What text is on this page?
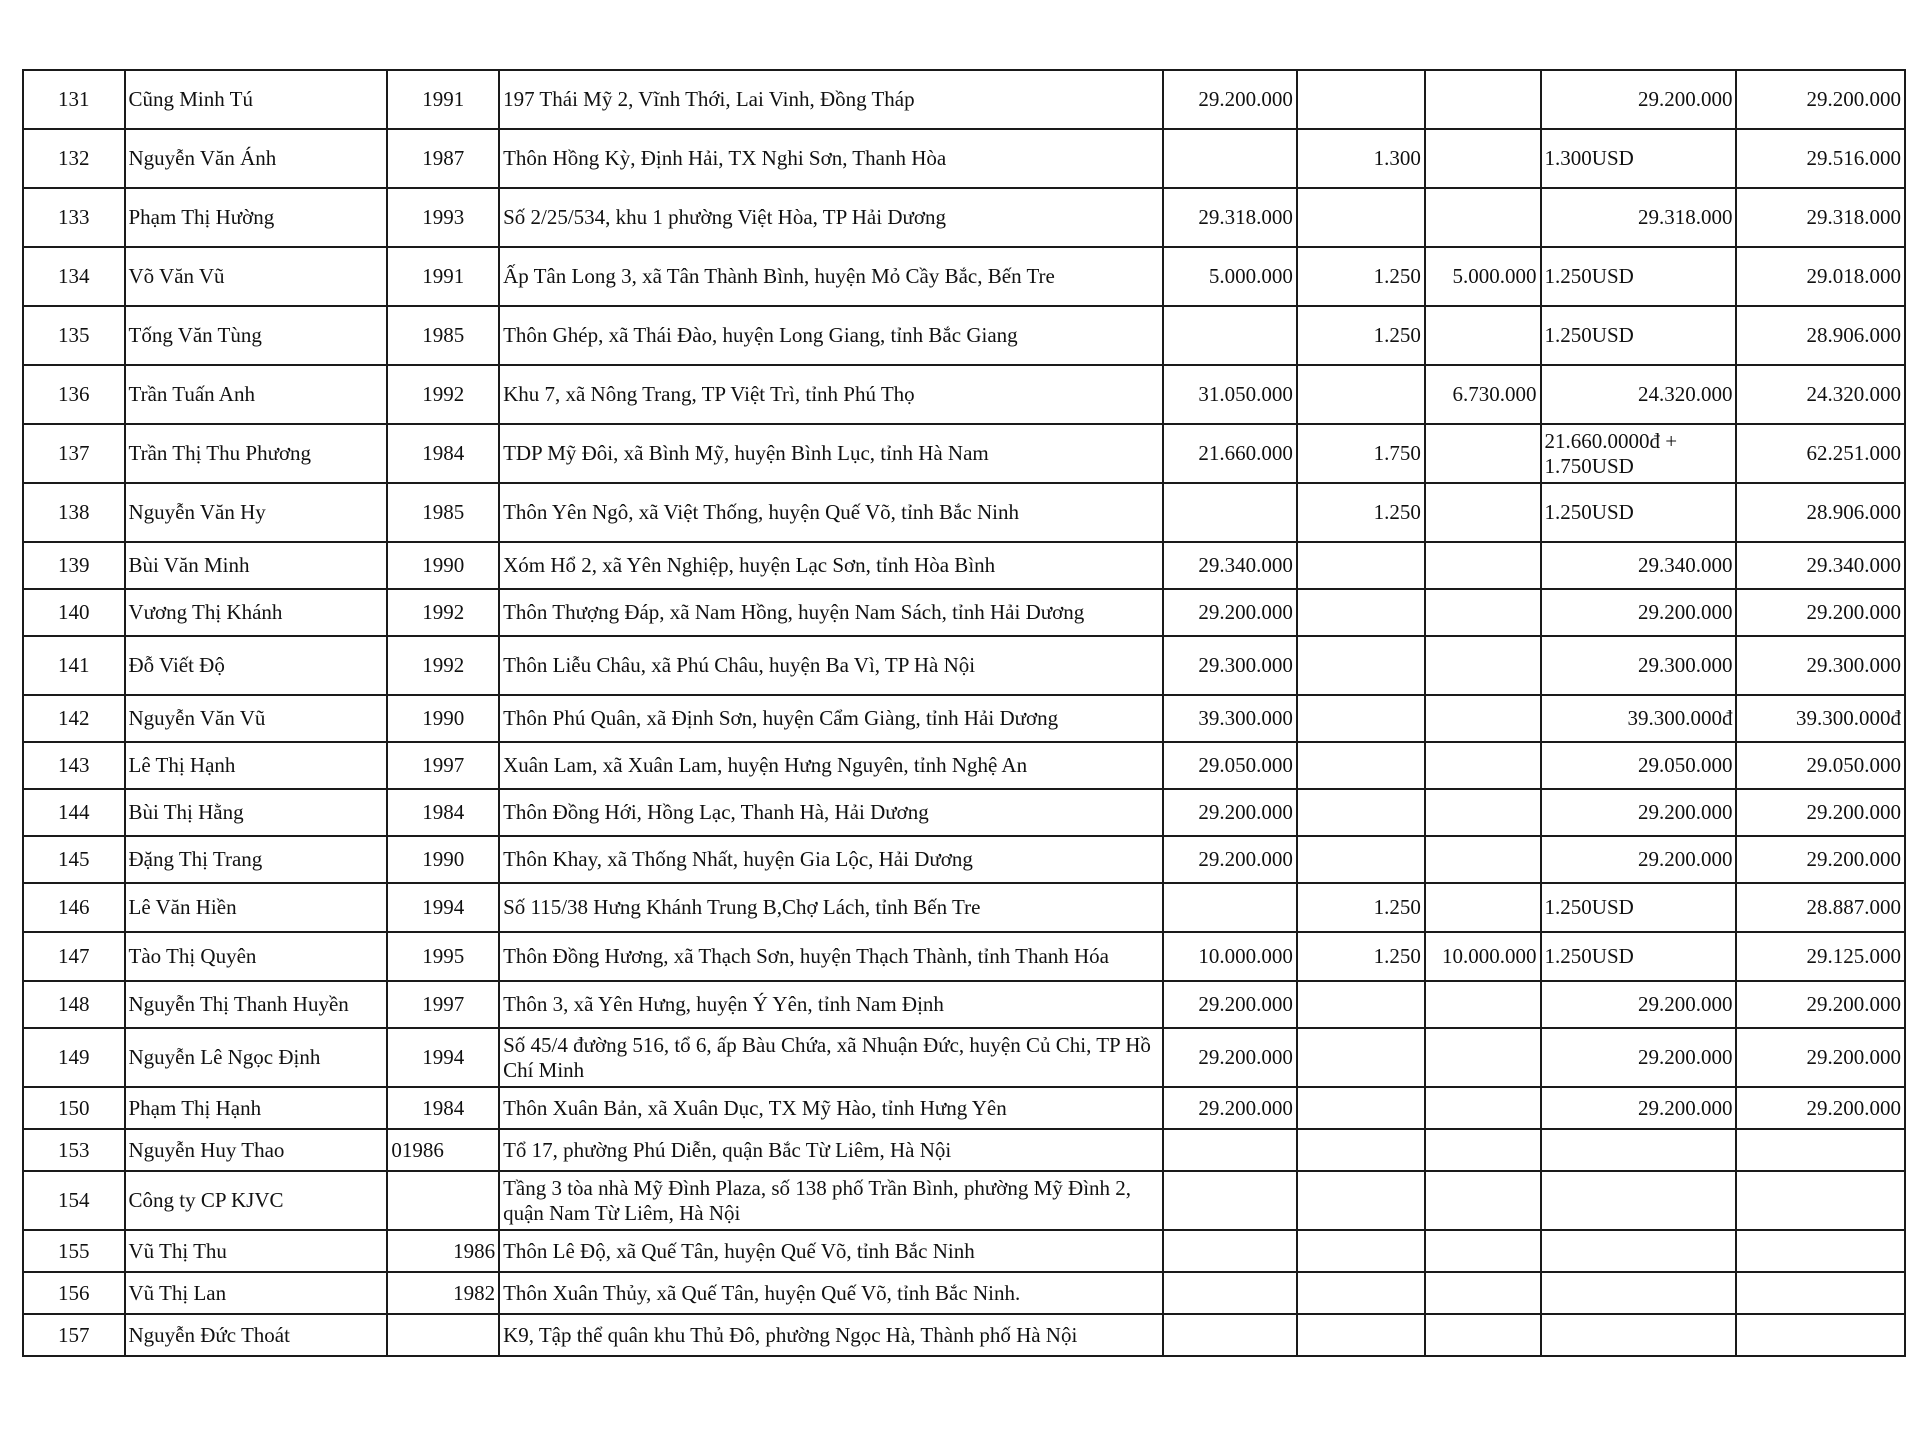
131	Cũng Minh Tú	1991	197 Thái Mỹ 2, Vĩnh Thới, Lai Vinh, Đồng Tháp	29.200.000			29.200.000	29.200.000
132	Nguyễn Văn Ánh	1987	Thôn Hồng Kỳ, Định Hải, TX Nghi Sơn, Thanh Hòa		1.300		1.300USD	29.516.000
133	Phạm Thị Hường	1993	Số 2/25/534, khu 1 phường Việt Hòa, TP Hải Dương	29.318.000			29.318.000	29.318.000
134	Võ Văn Vũ	1991	Ấp Tân Long 3, xã Tân Thành Bình, huyện Mỏ Cầy Bắc, Bến Tre	5.000.000	1.250	5.000.000	1.250USD	29.018.000
135	Tống Văn Tùng	1985	Thôn Ghép, xã Thái Đào, huyện Long Giang, tỉnh Bắc Giang		1.250		1.250USD	28.906.000
136	Trần Tuấn Anh	1992	Khu 7, xã Nông Trang, TP Việt Trì, tỉnh Phú Thọ	31.050.000		6.730.000	24.320.000	24.320.000
137	Trần Thị Thu Phương	1984	TDP Mỹ Đôi, xã Bình Mỹ, huyện Bình Lục, tỉnh Hà Nam	21.660.000	1.750		21.660.0000đ + 1.750USD	62.251.000
138	Nguyễn Văn Hy	1985	Thôn Yên Ngô, xã Việt Thống, huyện Quế Võ, tỉnh Bắc Ninh		1.250		1.250USD	28.906.000
139	Bùi Văn Minh	1990	Xóm Hổ 2, xã Yên Nghiệp, huyện Lạc Sơn, tỉnh Hòa Bình	29.340.000			29.340.000	29.340.000
140	Vương Thị Khánh	1992	Thôn Thượng Đáp, xã Nam Hồng, huyện Nam Sách, tỉnh Hải Dương	29.200.000			29.200.000	29.200.000
141	Đỗ Viết Độ	1992	Thôn Liễu Châu, xã Phú Châu, huyện Ba Vì, TP Hà Nội	29.300.000			29.300.000	29.300.000
142	Nguyễn Văn Vũ	1990	Thôn Phú Quân, xã Định Sơn, huyện Cẩm Giàng, tỉnh Hải Dương	39.300.000			39.300.000đ	39.300.000đ
143	Lê Thị Hạnh	1997	Xuân Lam, xã Xuân Lam, huyện Hưng Nguyên, tỉnh Nghệ An	29.050.000			29.050.000	29.050.000
144	Bùi Thị Hằng	1984	Thôn Đồng Hới, Hồng Lạc, Thanh Hà, Hải Dương	29.200.000			29.200.000	29.200.000
145	Đặng Thị Trang	1990	Thôn Khay, xã Thống Nhất, huyện Gia Lộc, Hải Dương	29.200.000			29.200.000	29.200.000
146	Lê Văn Hiền	1994	Số 115/38 Hưng Khánh Trung B,Chợ Lách, tỉnh Bến Tre		1.250		1.250USD	28.887.000
147	Tào Thị Quyên	1995	Thôn Đồng Hương, xã Thạch Sơn, huyện Thạch Thành, tỉnh Thanh Hóa	10.000.000	1.250	10.000.000	1.250USD	29.125.000
148	Nguyễn Thị Thanh Huyền	1997	Thôn 3, xã Yên Hưng, huyện Ý Yên, tỉnh Nam Định	29.200.000			29.200.000	29.200.000
149	Nguyễn Lê Ngọc Định	1994	Số 45/4 đường 516, tổ 6, ấp Bàu Chứa, xã Nhuận Đức, huyện Củ Chi, TP Hồ Chí Minh	29.200.000			29.200.000	29.200.000
150	Phạm Thị Hạnh	1984	Thôn Xuân Bản, xã Xuân Dục, TX Mỹ Hào, tỉnh Hưng Yên	29.200.000			29.200.000	29.200.000
153	Nguyễn Huy Thao	01986	Tổ 17, phường Phú Diễn, quận Bắc Từ Liêm, Hà Nội					
154	Công ty CP KJVC		Tầng 3 tòa nhà Mỹ Đình Plaza, số 138 phố Trần Bình, phường Mỹ Đình 2, quận Nam Từ Liêm, Hà Nội					
155	Vũ Thị Thu	1986	Thôn Lê Độ, xã Quế Tân, huyện Quế Võ, tỉnh Bắc Ninh					
156	Vũ Thị Lan	1982	Thôn Xuân Thủy, xã Quế Tân, huyện Quế Võ, tỉnh Bắc Ninh.					
157	Nguyễn Đức Thoát		K9, Tập thể quân khu Thủ Đô, phường Ngọc Hà, Thành phố Hà Nội					
